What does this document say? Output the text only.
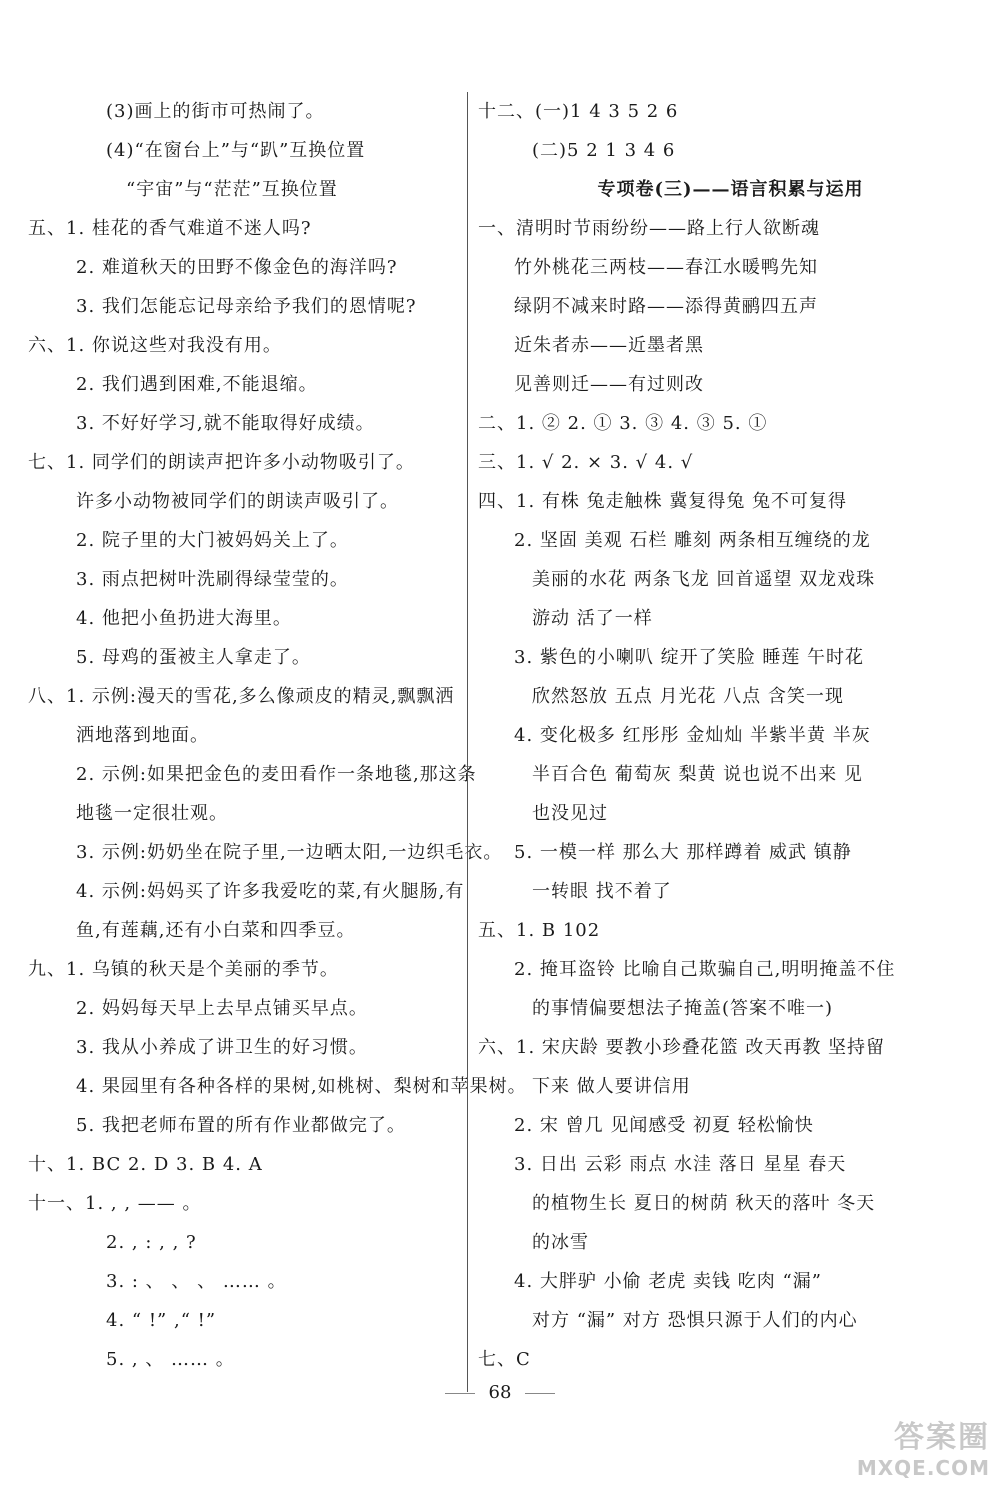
(3)画上的街市可热闹了。
(4)“在窗台上”与“趴”互换位置
“宇宙”与“茫茫”互换位置
五、1. 桂花的香气难道不迷人吗?
2. 难道秋天的田野不像金色的海洋吗?
3. 我们怎能忘记母亲给予我们的恩情呢?
六、1. 你说这些对我没有用。
2. 我们遇到困难,不能退缩。
3. 不好好学习,就不能取得好成绩。
七、1. 同学们的朗读声把许多小动物吸引了。
许多小动物被同学们的朗读声吸引了。
2. 院子里的大门被妈妈关上了。
3. 雨点把树叶洗刷得绿莹莹的。
4. 他把小鱼扔进大海里。
5. 母鸡的蛋被主人拿走了。
八、1. 示例:漫天的雪花,多么像顽皮的精灵,飘飘洒
洒地落到地面。
2. 示例:如果把金色的麦田看作一条地毯,那这条
地毯一定很壮观。
3. 示例:奶奶坐在院子里,一边晒太阳,一边织毛衣。
4. 示例:妈妈买了许多我爱吃的菜,有火腿肠,有
鱼,有莲藕,还有小白菜和四季豆。
九、1. 乌镇的秋天是个美丽的季节。
2. 妈妈每天早上去早点铺买早点。
3. 我从小养成了讲卫生的好习惯。
4. 果园里有各种各样的果树,如桃树、梨树和苹果树。
5. 我把老师布置的所有作业都做完了。
十、1. BC 2. D 3. B 4. A
十一、1. , , —— 。
2. , : , , ?
3. : 、 、 、 …… 。
4. “ !” ,“ !”
5. , 、 …… 。
十二、(一)1 4 3 5 2 6
(二)5 2 1 3 4 6
专项卷(三)——语言积累与运用
一、清明时节雨纷纷——路上行人欲断魂
竹外桃花三两枝——春江水暖鸭先知
绿阴不减来时路——添得黄鹂四五声
近朱者赤——近墨者黑
见善则迁——有过则改
二、1. ② 2. ① 3. ③ 4. ③ 5. ①
三、1. √ 2. × 3. √ 4. √
四、1. 有株 兔走触株 冀复得兔 兔不可复得
2. 坚固 美观 石栏 雕刻 两条相互缠绕的龙
美丽的水花 两条飞龙 回首遥望 双龙戏珠
游动 活了一样
3. 紫色的小喇叭 绽开了笑脸 睡莲 午时花
欣然怒放 五点 月光花 八点 含笑一现
4. 变化极多 红彤彤 金灿灿 半紫半黄 半灰
半百合色 葡萄灰 梨黄 说也说不出来 见
也没见过
5. 一模一样 那么大 那样蹲着 威武 镇静
一转眼 找不着了
五、1. B 102
2. 掩耳盗铃 比喻自己欺骗自己,明明掩盖不住
的事情偏要想法子掩盖(答案不唯一)
六、1. 宋庆龄 要教小珍叠花篮 改天再教 坚持留
下来 做人要讲信用
2. 宋 曾几 见闻感受 初夏 轻松愉快
3. 日出 云彩 雨点 水洼 落日 星星 春天
的植物生长 夏日的树荫 秋天的落叶 冬天
的冰雪
4. 大胖驴 小偷 老虎 卖钱 吃肉 “漏”
对方 “漏” 对方 恐惧只源于人们的内心
七、C
68
答案圈
MXQE.COM
